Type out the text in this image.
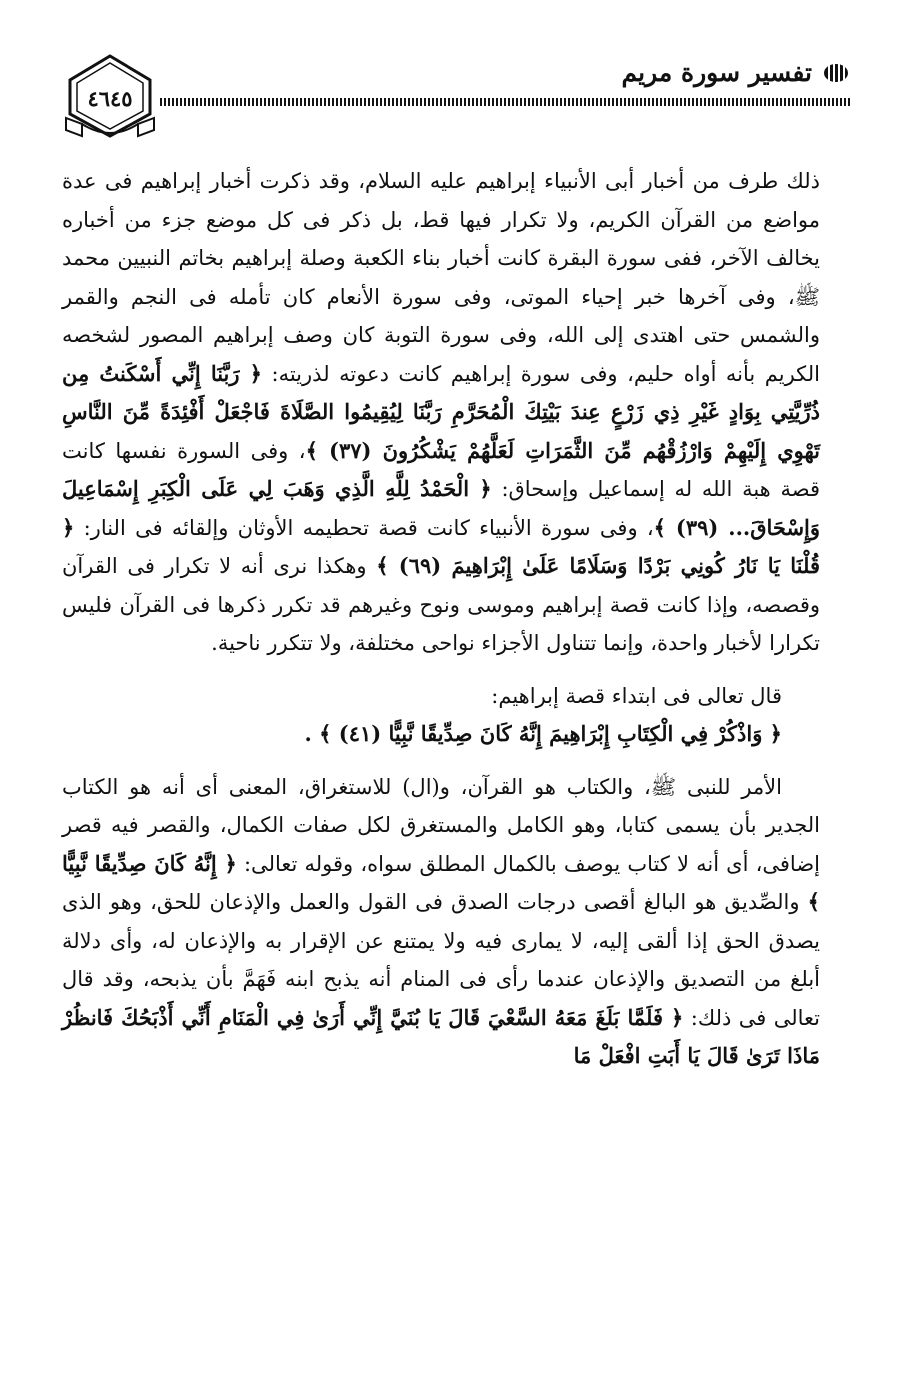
تفسير سورة مريم
٤٦٤٥

ذلك طرف من أخبار أبى الأنبياء إبراهيم عليه السلام، وقد ذكرت أخبار إبراهيم فى عدة مواضع من القرآن الكريم، ولا تكرار فيها قط، بل ذكر فى كل موضع جزء من أخباره يخالف الآخر، ففى سورة البقرة كانت أخبار بناء الكعبة وصلة إبراهيم بخاتم النبيين محمد ﷺ، وفى آخرها خبر إحياء الموتى، وفى سورة الأنعام كان تأمله فى النجم والقمر والشمس حتى اهتدى إلى الله، وفى سورة التوبة كان وصف إبراهيم المصور لشخصه الكريم بأنه أواه حليم، وفى سورة إبراهيم كانت دعوته لذريته: ﴿ رَبَّنَا إِنِّي أَسْكَنتُ مِن ذُرِّيَّتِي بِوَادٍ غَيْرِ ذِي زَرْعٍ عِندَ بَيْتِكَ الْمُحَرَّمِ رَبَّنَا لِيُقِيمُوا الصَّلَاةَ فَاجْعَلْ أَفْئِدَةً مِّنَ النَّاسِ تَهْوِي إِلَيْهِمْ وَارْزُقْهُم مِّنَ الثَّمَرَاتِ لَعَلَّهُمْ يَشْكُرُونَ (٣٧) ﴾، وفى السورة نفسها كانت قصة هبة الله له إسماعيل وإسحاق: ﴿ الْحَمْدُ لِلَّهِ الَّذِي وَهَبَ لِي عَلَى الْكِبَرِ إِسْمَاعِيلَ وَإِسْحَاقَ... (٣٩) ﴾، وفى سورة الأنبياء كانت قصة تحطيمه الأوثان وإلقائه فى النار: ﴿ قُلْنَا يَا نَارُ كُونِي بَرْدًا وَسَلَامًا عَلَىٰ إِبْرَاهِيمَ (٦٩) ﴾ وهكذا نرى أنه لا تكرار فى القرآن وقصصه، وإذا كانت قصة إبراهيم وموسى ونوح وغيرهم قد تكرر ذكرها فى القرآن فليس تكرارا لأخبار واحدة، وإنما تتناول الأجزاء نواحى مختلفة، ولا تتكرر ناحية.

قال تعالى فى ابتداء قصة إبراهيم:

﴿ وَاذْكُرْ فِي الْكِتَابِ إِبْرَاهِيمَ إِنَّهُ كَانَ صِدِّيقًا نَّبِيًّا (٤١) ﴾ .

الأمر للنبى ﷺ، والكتاب هو القرآن، و(ال) للاستغراق، المعنى أى أنه هو الكتاب الجدير بأن يسمى كتابا، وهو الكامل والمستغرق لكل صفات الكمال، والقصر فيه قصر إضافى، أى أنه لا كتاب يوصف بالكمال المطلق سواه، وقوله تعالى: ﴿ إِنَّهُ كَانَ صِدِّيقًا نَّبِيًّا ﴾ والصِّديق هو البالغ أقصى درجات الصدق فى القول والعمل والإذعان للحق، وهو الذى يصدق الحق إذا ألقى إليه، لا يمارى فيه ولا يمتنع عن الإقرار به والإذعان له، وأى دلالة أبلغ من التصديق والإذعان عندما رأى فى المنام أنه يذبح ابنه فَهَمَّ بأن يذبحه، وقد قال تعالى فى ذلك: ﴿ فَلَمَّا بَلَغَ مَعَهُ السَّعْيَ قَالَ يَا بُنَيَّ إِنِّي أَرَىٰ فِي الْمَنَامِ أَنِّي أَذْبَحُكَ فَانظُرْ مَاذَا تَرَىٰ قَالَ يَا أَبَتِ افْعَلْ مَا
